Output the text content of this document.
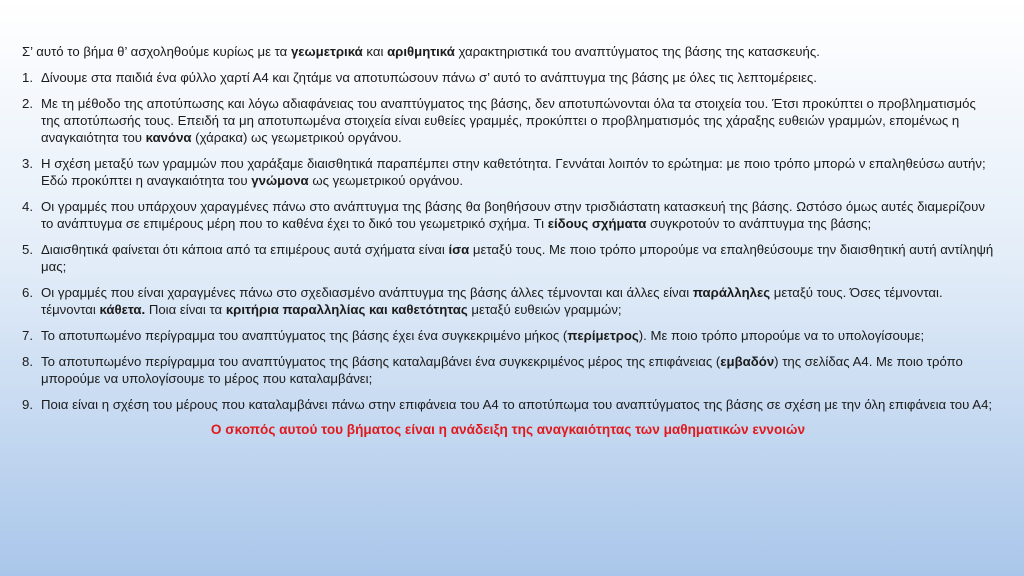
Σ’ αυτό το βήμα θ’ ασχοληθούμε κυρίως με τα γεωμετρικά και αριθμητικά χαρακτηριστικά του αναπτύγματος της βάσης της κατασκευής.

1. Δίνουμε στα παιδιά ένα φύλλο χαρτί Α4 και ζητάμε να αποτυπώσουν πάνω σ’ αυτό το ανάπτυγμα της βάσης με όλες τις λεπτομέρειες.
2. Με τη μέθοδο της αποτύπωσης και λόγω αδιαφάνειας του αναπτύγματος της βάσης, δεν αποτυπώνονται όλα τα στοιχεία του. Έτσι προκύπτει ο προβληματισμός της αποτύπωσής τους. Επειδή τα μη αποτυπωμένα στοιχεία είναι ευθείες γραμμές, προκύπτει ο προβληματισμός της χάραξης ευθειών γραμμών, επομένως η αναγκαιότητα του κανόνα (χάρακα) ως γεωμετρικού οργάνου.
3. Η σχέση μεταξύ των γραμμών που χαράξαμε διαισθητικά παραπέμπει στην καθετότητα. Γεννάται λοιπόν το ερώτημα: με ποιο τρόπο μπορώ ν επαληθεύσω αυτήν; Εδώ προκύπτει η αναγκαιότητα του γνώμονα ως γεωμετρικού οργάνου.
4. Οι γραμμές που υπάρχουν χαραγμένες πάνω στο ανάπτυγμα της βάσης θα βοηθήσουν στην τρισδιάστατη κατασκευή της βάσης. Ωστόσο όμως αυτές διαμερίζουν το ανάπτυγμα σε επιμέρους μέρη που το καθένα έχει το δικό του γεωμετρικό σχήμα. Τι είδους σχήματα συγκροτούν το ανάπτυγμα της βάσης;
5. Διαισθητικά φαίνεται ότι κάποια από τα επιμέρους αυτά σχήματα είναι ίσα μεταξύ τους. Με ποιο τρόπο μπορούμε να επαληθεύσουμε την διαισθητική αυτή αντίληψή μας;
6. Οι γραμμές που είναι χαραγμένες πάνω στο σχεδιασμένο ανάπτυγμα της βάσης άλλες τέμνονται και άλλες είναι παράλληλες μεταξύ τους. Όσες τέμνονται. τέμνονται κάθετα. Ποια είναι τα κριτήρια παραλληλίας και καθετότητας μεταξύ ευθειών γραμμών;
7. Το αποτυπωμένο περίγραμμα του αναπτύγματος της βάσης έχει ένα συγκεκριμένο μήκος (περίμετρος). Με ποιο τρόπο μπορούμε να το υπολογίσουμε;
8. Το αποτυπωμένο περίγραμμα του αναπτύγματος της βάσης καταλαμβάνει ένα συγκεκριμένος μέρος της επιφάνειας (εμβαδόν) της σελίδας Α4. Με ποιο τρόπο μπορούμε να υπολογίσουμε το μέρος που καταλαμβάνει;
9. Ποια είναι η σχέση του μέρους που καταλαμβάνει πάνω στην επιφάνεια του Α4 το αποτύπωμα του αναπτύγματος της βάσης σε σχέση με την όλη επιφάνεια του Α4;
Ο σκοπός αυτού του βήματος είναι η ανάδειξη της αναγκαιότητας των μαθηματικών εννοιών
